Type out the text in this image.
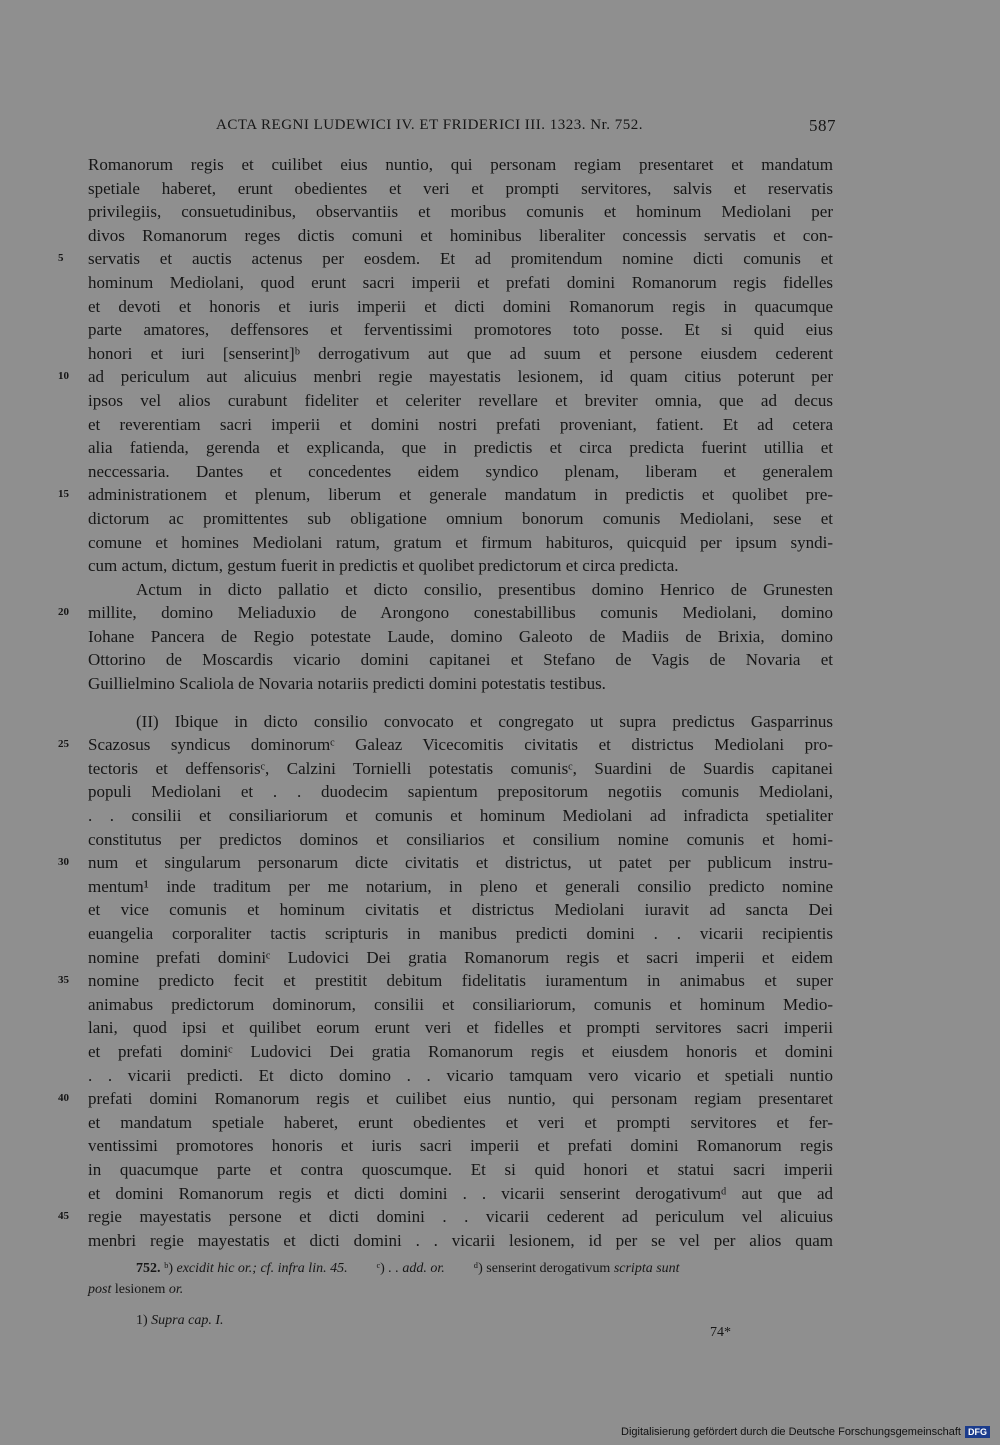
ACTA REGNI LUDEWICI IV. ET FRIDERICI III. 1323. Nr. 752.	587
Romanorum regis et cuilibet eius nuntio, qui personam regiam presentaret et mandatum
spetiale haberet, erunt obedientes et veri et prompti servitores, salvis et reservatis
privilegiis, consuetudinibus, observantiis et moribus comunis et hominum Mediolani per
divos Romanorum reges dictis comuni et hominibus liberaliter concessis servatis et con-
5	servatis et auctis actenus per eosdem. Et ad promitendum nomine dicti comunis et
hominum Mediolani, quod erunt sacri imperii et prefati domini Romanorum regis fidelles
et devoti et honoris et iuris imperii et dicti domini Romanorum regis in quacumque
parte amatores, deffensores et ferventissimi promotores toto posse. Et si quid eius
honori et iuri [senserint]ᵇ derrogativum aut que ad suum et persone eiusdem cederent
10	ad periculum aut alicuius menbri regie mayestatis lesionem, id quam citius poterunt per
ipsos vel alios curabunt fideliter et celeriter revellare et breviter omnia, que ad decus
et reverentiam sacri imperii et domini nostri prefati proveniant, fatient. Et ad cetera
alia fatienda, gerenda et explicanda, que in predictis et circa predicta fuerint utillia et
neccessaria. Dantes et concedentes eidem syndico plenam, liberam et generalem
15	administrationem et plenum, liberum et generale mandatum in predictis et quolibet pre-
dictorum ac promittentes sub obligatione omnium bonorum comunis Mediolani, sese et
comune et homines Mediolani ratum, gratum et firmum habituros, quicquid per ipsum syndi-
cum actum, dictum, gestum fuerit in predictis et quolibet predictorum et circa predicta.
Actum in dicto pallatio et dicto consilio, presentibus domino Henrico de Grunesten
20	millite, domino Meliaduxio de Arongono conestabillibus comunis Mediolani, domino
Iohane Pancera de Regio potestate Laude, domino Galeoto de Madiis de Brixia, domino
Ottorino de Moscardis vicario domini capitanei et Stefano de Vagis de Novaria et
Guillielmino Scaliola de Novaria notariis predicti domini potestatis testibus.
(II) Ibique in dicto consilio convocato et congregato ut supra predictus Gasparrinus
25	Scazosus syndicus dominorumᶜ Galeaz Vicecomitis civitatis et districtus Mediolani pro-
tectoris et deffensorisᶜ, Calzini Tornielli potestatis comunisᶜ, Suardini de Suardis capitanei
populi Mediolani et . . duodecim sapientum prepositorum negotiis comunis Mediolani,
. . consilii et consiliariorum et comunis et hominum Mediolani ad infradicta spetialiter
constitutus per predictos dominos et consiliarios et consilium nomine comunis et homi-
30	num et singularum personarum dicte civitatis et districtus, ut patet per publicum instru-
mentum¹ inde traditum per me notarium, in pleno et generali consilio predicto nomine
et vice comunis et hominum civitatis et districtus Mediolani iuravit ad sancta Dei
euangelia corporaliter tactis scripturis in manibus predicti domini . . vicarii recipientis
nomine prefati dominiᶜ Ludovici Dei gratia Romanorum regis et sacri imperii et eidem
35	nomine predicto fecit et prestitit debitum fidelitatis iuramentum in animabus et super
animabus predictorum dominorum, consilii et consiliariorum, comunis et hominum Medio-
lani, quod ipsi et quilibet eorum erunt veri et fidelles et prompti servitores sacri imperii
et prefati dominiᶜ Ludovici Dei gratia Romanorum regis et eiusdem honoris et domini
. . vicarii predicti. Et dicto domino . . vicario tamquam vero vicario et spetiali nuntio
40	prefati domini Romanorum regis et cuilibet eius nuntio, qui personam regiam presentaret
et mandatum spetiale haberet, erunt obedientes et veri et prompti servitores et fer-
ventissimi promotores honoris et iuris sacri imperii et prefati domini Romanorum regis
in quacumque parte et contra quoscumque. Et si quid honori et statui sacri imperii
et domini Romanorum regis et dicti domini . . vicarii senserint derogativumᵈ aut que ad
45	regie mayestatis persone et dicti domini . . vicarii cederent ad periculum vel alicuius
menbri regie mayestatis et dicti domini . . vicarii lesionem, id per se vel per alios quam
752. ᵇ) excidit hic or.; cf. infra lin. 45. ᶜ) . . add. or. ᵈ) senserint derogativum scripta sunt
post lesionem or.
1) Supra cap. I.
74*
Digitalisierung gefördert durch die Deutsche Forschungsgemeinschaft DFG
